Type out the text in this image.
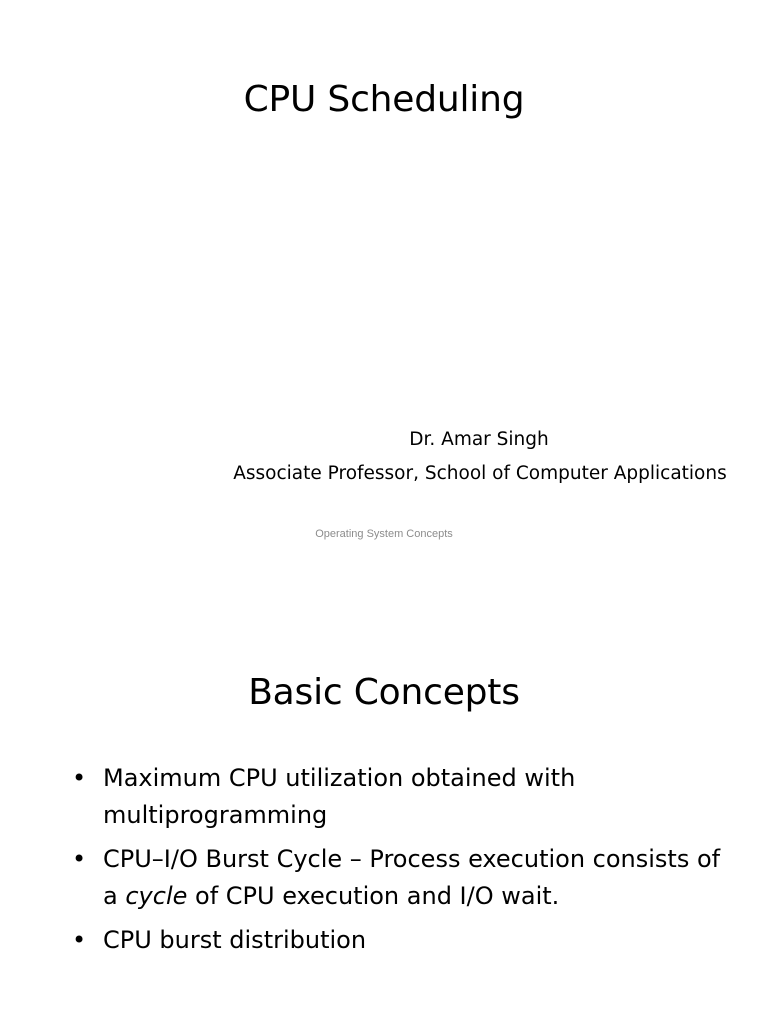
CPU Scheduling
Dr. Amar Singh
Associate Professor, School of Computer Applications
Operating System Concepts
Basic Concepts
• Maximum CPU utilization obtained with multiprogramming
• CPU–I/O Burst Cycle – Process execution consists of a cycle of CPU execution and I/O wait.
• CPU burst distribution
